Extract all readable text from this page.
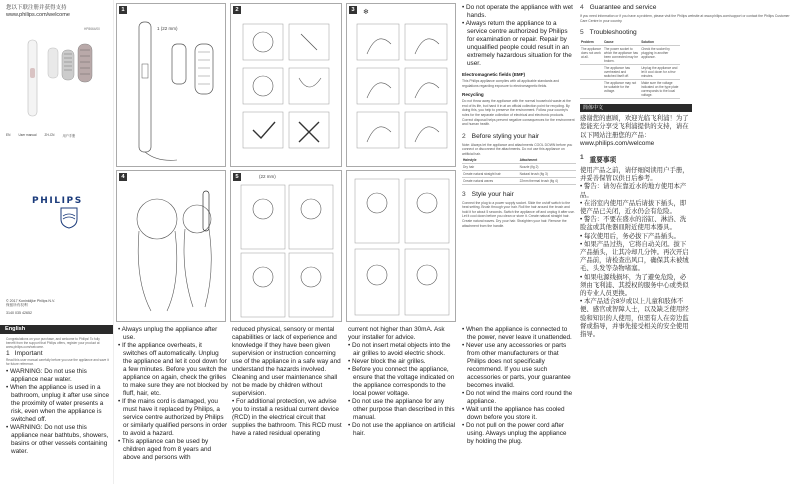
您以下联注册并获得支持
www.philips.com/welcome
HP8664/00
EN	User manual	ZH-CN	用户手册
PHILIPS
© 2017 Koninklijke Philips N.V.
保留所有权利
3140 035 42652
English

Congratulations on your purchase, and welcome to Philips! To fully benefit from the support that Philips offers, register your product at www.philips.com/welcome.

1 Important

Read this user manual carefully before you use the appliance and save it for future reference.

• WARNING: Do not use this appliance near water.
• When the appliance is used in a bathroom, unplug it after use since the proximity of water presents a risk, even when the appliance is switched off.
• WARNING: Do not use this appliance near bathtubs, showers, basins or other vessels containing water.
1
1 (22 mm)
2	3	❄
4	5	(22 mm)
• Always unplug the appliance after use.
• If the appliance overheats, it switches off automatically. Unplug the appliance and let it cool down for a few minutes. Before you switch the appliance on again, check the grilles to make sure they are not blocked by fluff, hair, etc.
• If the mains cord is damaged, you must have it replaced by Philips, a service centre authorized by Philips or similarly qualified persons in order to avoid a hazard.
• This appliance can be used by children aged from 8 years and above and persons with

reduced physical, sensory or mental capabilities or lack of experience and knowledge if they have been given supervision or instruction concerning use of the appliance in a safe way and understand the hazards involved. Cleaning and user maintenance shall not be made by children without supervision.

• For additional protection, we advise you to install a residual current device (RCD) in the electrical circuit that supplies the bathroom. This RCD must have a rated residual operating

current not higher than 30mA. Ask your installer for advice.

• Do not insert metal objects into the air grilles to avoid electric shock.
• Never block the air grilles.
• Before you connect the appliance, ensure that the voltage indicated on the appliance corresponds to the local power voltage.
• Do not use the appliance for any other purpose than described in this manual.
• Do not use the appliance on artificial hair.
• When the appliance is connected to the power, never leave it unattended.
• Never use any accessories or parts from other manufacturers or that Philips does not specifically recommend. If you use such accessories or parts, your guarantee becomes invalid.
• Do not wind the mains cord round the appliance.
• Wait until the appliance has cooled down before you store it.
• Do not pull on the power cord after using. Always unplug the appliance by holding the plug.
• Do not operate the appliance with wet hands.
• Always return the appliance to a service centre authorized by Philips for examination or repair. Repair by unqualified people could result in an extremely hazardous situation for the user.
Electromagnetic fields (EMF)

This Philips appliance complies with all applicable standards and regulations regarding exposure to electromagnetic fields.

Recycling

Do not throw away the appliance with the normal household waste at the end of its life, but hand it in at an official collection point for recycling. By doing this, you help to preserve the environment. Follow your country's rules for the separate collection of electrical and electronic products. Correct disposal helps prevent negative consequences for the environment and human health.

2 Before styling your hair

Note: Always let the appliance and attachments COOL DOWN before you connect or disconnect the attachments. Do not use this appliance on artificial hair.

Hairstyle	Attachment
Dry hair	Nozzle (fig 2)
Create natural straight hair	Natural brush (fig 3)
Create natural waves	22mm thermal brush (fig 4)
3 Style your hair

Connect the plug to a power supply socket. Slide the on/off switch to the heat setting. Brush through your hair. Roll the hair around the brush and hold it for about 5 seconds. Switch the appliance off and unplug it after use. Let it cool down before you clean or store it. Create natural straight hair. Create natural waves. Dry your hair. Straighten your hair. Remove the attachment from the handle.

4 Guarantee and service

If you need information or if you have a problem, please visit the Philips website at www.philips.com/support or contact the Philips Customer Care Centre in your country.

5 Troubleshooting
Problem	Cause	Solution
The appliance does not work at all.	The power socket to which the appliance has been connected may be broken.	Check the socket by plugging in another appliance.
	The appliance has overheated and switched itself off.	Unplug the appliance and let it cool down for a few minutes.
	The appliance may not be suitable for the voltage.	Make sure the voltage indicated on the type plate corresponds to the local voltage.
简体中文

感谢您的惠顾，欢迎光临飞利浦！为了您能充分享受飞利浦提供的支持，请在以下网站注册您的产品：

www.philips.com/welcome

1 重要事项
使用产品之前，请仔细阅读用户手册，并妥善保管以供日后参考。
• 警告：请勿在靠近水的地方使用本产品。
• 在浴室内使用产品后请拔下插头，即使产品已关闭，近水仍会有危险。
• 警告：不要在盛水的浴缸、淋浴、洗脸盆或其他器皿附近使用本器具。
• 每次使用后，务必拔下产品插头。
• 如果产品过热，它将自动关闭。拔下产品插头，让其冷却几分钟。再次开启产品前，请检查出风口，确保其未被绒毛、头发等杂物堵塞。
• 如果电源线损坏，为了避免危险，必须由飞利浦、其授权的服务中心或类似的专业人员更换。
• 本产品适合8岁或以上儿童和肢体不便、感官或智障人士，以及缺乏使用经验和知识的人使用，但需有人在旁边监督或指导，并事先接受相关的安全使用指导。
